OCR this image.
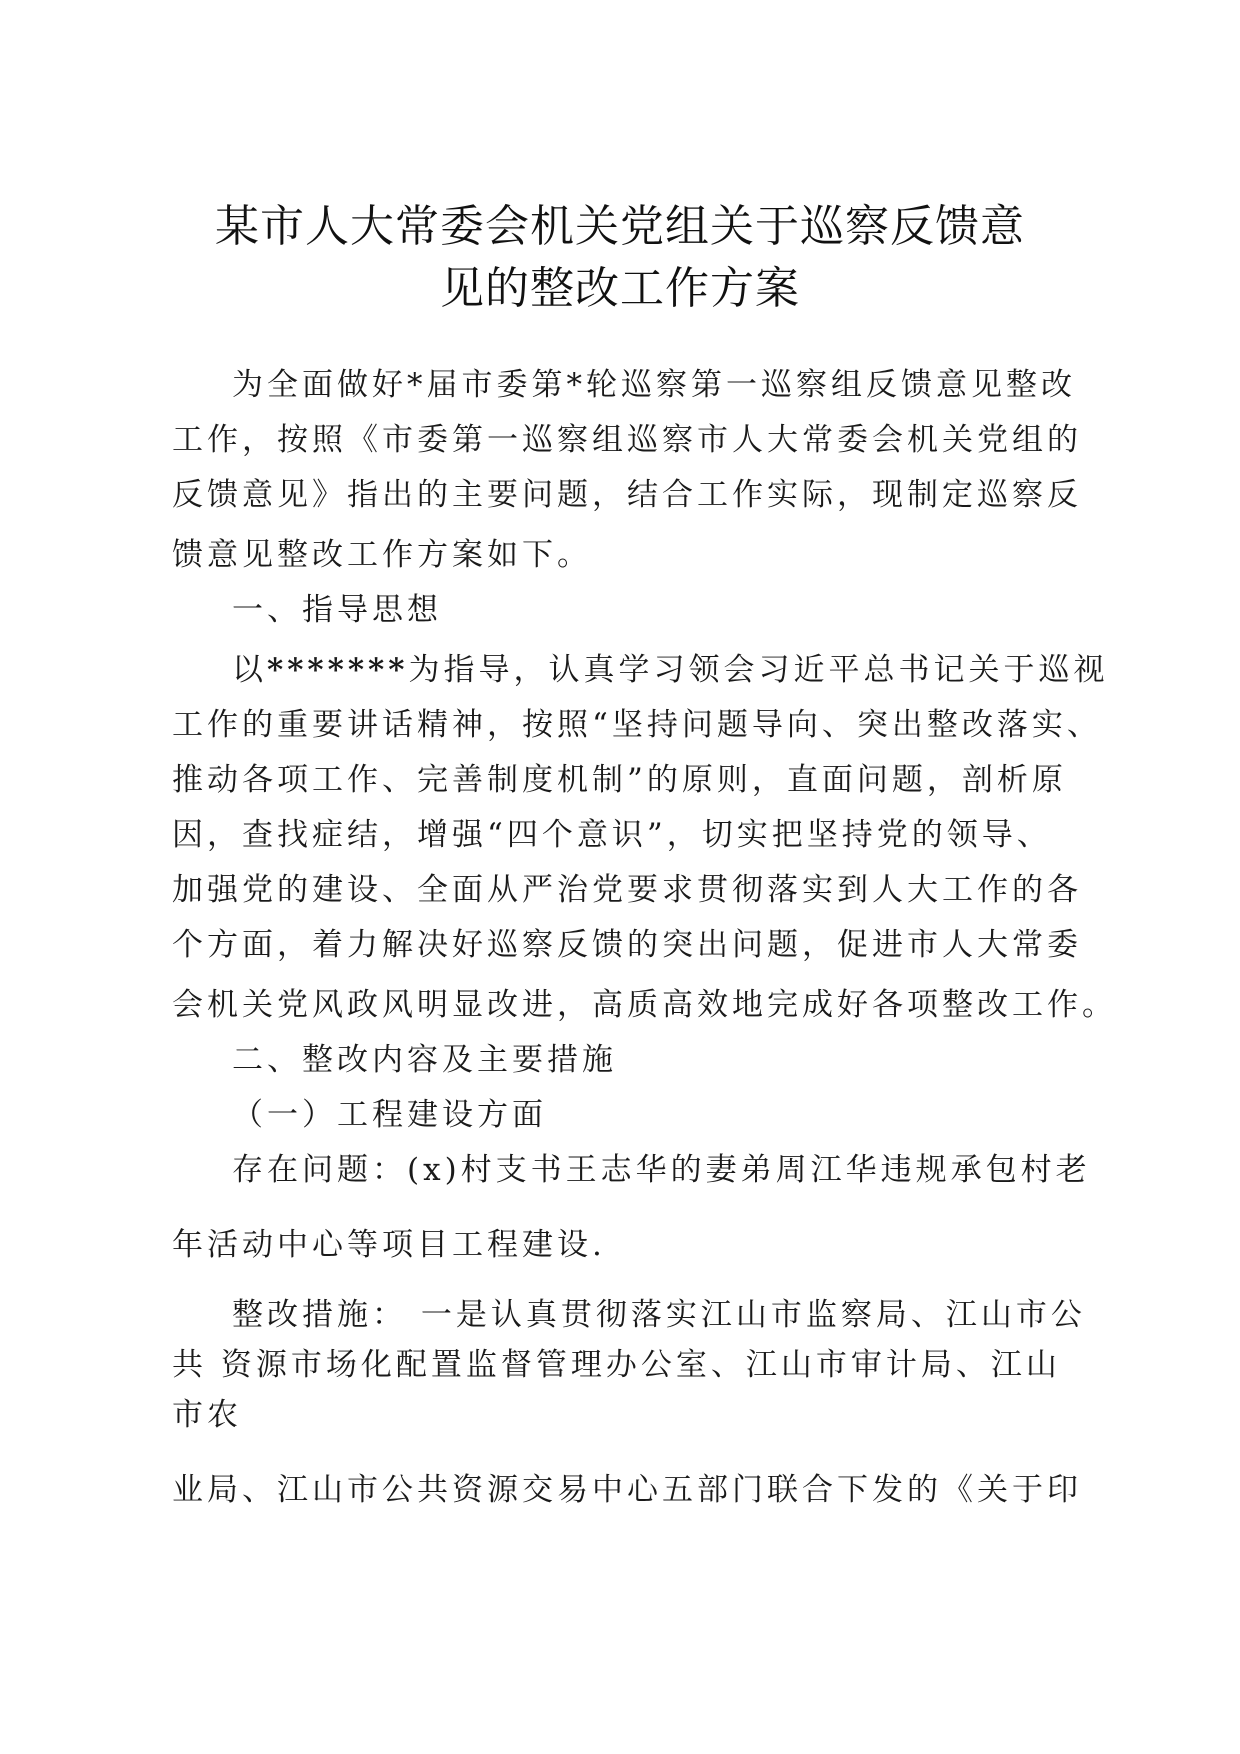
某市人大常委会机关党组关于巡察反馈意
见的整改工作方案
为全面做好*届市委第*轮巡察第一巡察组反馈意见整改
工作，按照《市委第一巡察组巡察市人大常委会机关党组的
反馈意见》指出的主要问题，结合工作实际，现制定巡察反
馈意见整改工作方案如下。
一、指导思想
以*******为指导，认真学习领会习近平总书记关于巡视
工作的重要讲话精神，按照“坚持问题导向、突出整改落实、
推动各项工作、完善制度机制”的原则，直面问题，剖析原
因，查找症结，增强“四个意识”，切实把坚持党的领导、
加强党的建设、全面从严治党要求贯彻落实到人大工作的各
个方面，着力解决好巡察反馈的突出问题，促进市人大常委
会机关党风政风明显改进，高质高效地完成好各项整改工作。
二、整改内容及主要措施
（一）工程建设方面
存在问题：(x)村支书王志华的妻弟周江华违规承包村老
年活动中心等项目工程建设.
整改措施： 一是认真贯彻落实江山市监察局、江山市公
共 资源市场化配置监督管理办公室、江山市审计局、江山
市农
业局、江山市公共资源交易中心五部门联合下发的《关于印
